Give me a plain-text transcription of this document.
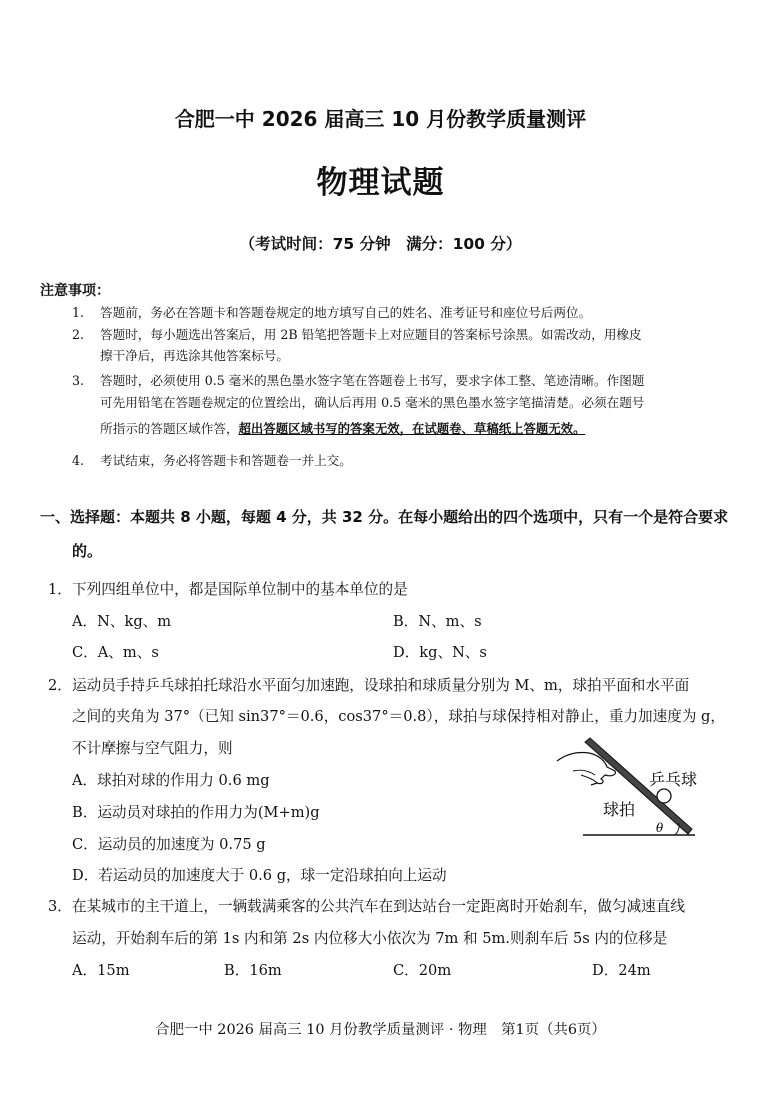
合肥一中 2026 届高三 10 月份教学质量测评
物理试题
（考试时间：75 分钟　满分：100 分）
注意事项：
1. 答题前，务必在答题卡和答题卷规定的地方填写自己的姓名、准考证号和座位号后两位。
2. 答题时，每小题选出答案后，用 2B 铅笔把答题卡上对应题目的答案标号涂黑。如需改动，用橡皮
擦干净后，再选涂其他答案标号。
3. 答题时，必须使用 0.5 毫米的黑色墨水签字笔在答题卷上书写，要求字体工整、笔迹清晰。作图题
可先用铅笔在答题卷规定的位置绘出，确认后再用 0.5 毫米的黑色墨水签字笔描清楚。必须在题号
所指示的答题区域作答，超出答题区域书写的答案无效，在试题卷、草稿纸上答题无效。
4. 考试结束，务必将答题卡和答题卷一并上交。
一、选择题：本题共 8 小题，每题 4 分，共 32 分。在每小题给出的四个选项中，只有一个是符合要求
的。
1． 下列四组单位中，都是国际单位制中的基本单位的是
A．N、kg、m	B．N、m、s
C．A、m、s	D．kg、N、s
2． 运动员手持乒乓球拍托球沿水平面匀加速跑，设球拍和球质量分别为 M、m，球拍平面和水平面
之间的夹角为 37°（已知 sin37°＝0.6，cos37°＝0.8），球拍与球保持相对静止，重力加速度为 g，
不计摩擦与空气阻力，则
A．球拍对球的作用力 0.6 mg
B．运动员对球拍的作用力为(M+m)g
C．运动员的加速度为 0.75 g
D．若运动员的加速度大于 0.6 g，球一定沿球拍向上运动
θ
乒乓球
球拍
3． 在某城市的主干道上，一辆载满乘客的公共汽车在到达站台一定距离时开始刹车，做匀减速直线
运动，开始刹车后的第 1s 内和第 2s 内位移大小依次为 7m 和 5m.则刹车后 5s 内的位移是
A．15m	B．16m	C．20m	D．24m
合肥一中 2026 届高三 10 月份教学质量测评 · 物理　第1页（共6页）
